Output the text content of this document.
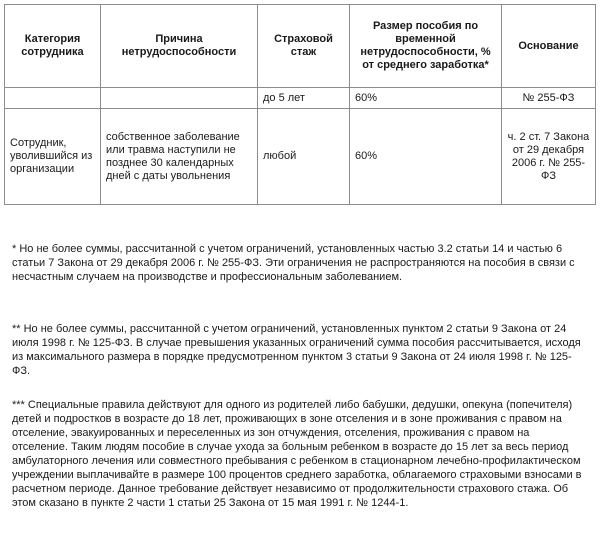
Категория сотрудника	Причина нетрудоспособности	Страховой стаж	Размер пособия по временной нетрудоспособности, % от среднего заработка*	Основание
		до 5 лет	60%	№ 255-ФЗ
Сотрудник, уволившийся из организации	собственное заболевание или травма наступили не позднее 30 календарных дней с даты увольнения	любой	60%	ч. 2 ст. 7 Закона от 29 декабря 2006 г. № 255-ФЗ

* Но не более суммы, рассчитанной с учетом ограничений, установленных частью 3.2 статьи 14 и частью 6 статьи 7 Закона от 29 декабря 2006 г. № 255-ФЗ. Эти ограничения не распространяются на пособия в связи с несчастным случаем на производстве и профессиональным заболеванием.

** Но не более суммы, рассчитанной с учетом ограничений, установленных пунктом 2 статьи 9 Закона от 24 июля 1998 г. № 125-ФЗ. В случае превышения указанных ограничений сумма пособия рассчитывается, исходя из максимального размера в порядке предусмотренном пунктом 3 статьи 9 Закона от 24 июля 1998 г. № 125-ФЗ.

*** Специальные правила действуют для одного из родителей либо бабушки, дедушки, опекуна (попечителя) детей и подростков в возрасте до 18 лет, проживающих в зоне отселения и в зоне проживания с правом на отселение, эвакуированных и переселенных из зон отчуждения, отселения, проживания с правом на отселение. Таким людям пособие в случае ухода за больным ребенком в возрасте до 15 лет за весь период амбулаторного лечения или совместного пребывания с ребенком в стационарном лечебно-профилактическом учреждении выплачивайте в размере 100 процентов среднего заработка, облагаемого страховыми взносами в расчетном периоде. Данное требование действует независимо от продолжительности страхового стажа. Об этом сказано в пункте 2 части 1 статьи 25 Закона от 15 мая 1991 г. № 1244-1.
